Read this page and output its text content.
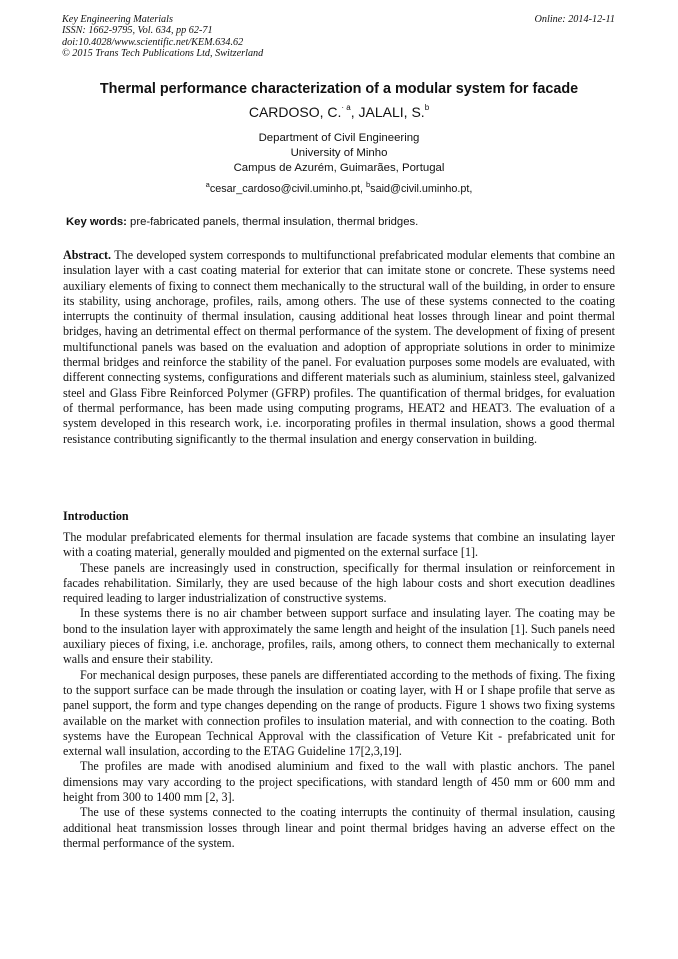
Key Engineering Materials
ISSN: 1662-9795, Vol. 634, pp 62-71
doi:10.4028/www.scientific.net/KEM.634.62
© 2015 Trans Tech Publications Ltd, Switzerland
Online: 2014-12-11
Thermal performance characterization of a modular system for facade
CARDOSO, C.$^{\cdot a}$, JALALI, S.$^b$
Department of Civil Engineering
University of Minho
Campus de Azurém, Guimarães, Portugal
$^a$cesar_cardoso@civil.uminho.pt, $^b$said@civil.uminho.pt,
Key words: pre-fabricated panels, thermal insulation, thermal bridges.
Abstract. The developed system corresponds to multifunctional prefabricated modular elements that combine an insulation layer with a cast coating material for exterior that can imitate stone or concrete. These systems need auxiliary elements of fixing to connect them mechanically to the structural wall of the building, in order to ensure its stability, using anchorage, profiles, rails, among others. The use of these systems connected to the coating interrupts the continuity of thermal insulation, causing additional heat losses through linear and point thermal bridges, having an detrimental effect on thermal performance of the system. The development of fixing of present multifunctional panels was based on the evaluation and adoption of appropriate solutions in order to minimize thermal bridges and reinforce the stability of the panel. For evaluation purposes some models are evaluated, with different connecting systems, configurations and different materials such as aluminium, stainless steel, galvanized steel and Glass Fibre Reinforced Polymer (GFRP) profiles. The quantification of thermal bridges, for evaluation of thermal performance, has been made using computing programs, HEAT2 and HEAT3. The evaluation of a system developed in this research work, i.e. incorporating profiles in thermal insulation, shows a good thermal resistance contributing significantly to the thermal insulation and energy conservation in building.
Introduction

The modular prefabricated elements for thermal insulation are facade systems that combine an insulating layer with a coating material, generally moulded and pigmented on the external surface [1].

These panels are increasingly used in construction, specifically for thermal insulation or reinforcement in facades rehabilitation. Similarly, they are used because of the high labour costs and short execution deadlines required leading to larger industrialization of constructive systems.

In these systems there is no air chamber between support surface and insulating layer. The coating may be bond to the insulation layer with approximately the same length and height of the insulation [1]. Such panels need auxiliary pieces of fixing, i.e. anchorage, profiles, rails, among others, to connect them mechanically to external walls and ensure their stability.

For mechanical design purposes, these panels are differentiated according to the methods of fixing. The fixing to the support surface can be made through the insulation or coating layer, with H or I shape profile that serve as panel support, the form and type changes depending on the range of products. Figure 1 shows two fixing systems available on the market with connection profiles to insulation material, and with connection to the coating. Both systems have the European Technical Approval with the classification of Veture Kit - prefabricated unit for external wall insulation, according to the ETAG Guideline 17[2,3,19].

The profiles are made with anodised aluminium and fixed to the wall with plastic anchors. The panel dimensions may vary according to the project specifications, with standard length of 450 mm or 600 mm and height from 300 to 1400 mm [2, 3].

The use of these systems connected to the coating interrupts the continuity of thermal insulation, causing additional heat transmission losses through linear and point thermal bridges having an adverse effect on the thermal performance of the system.
